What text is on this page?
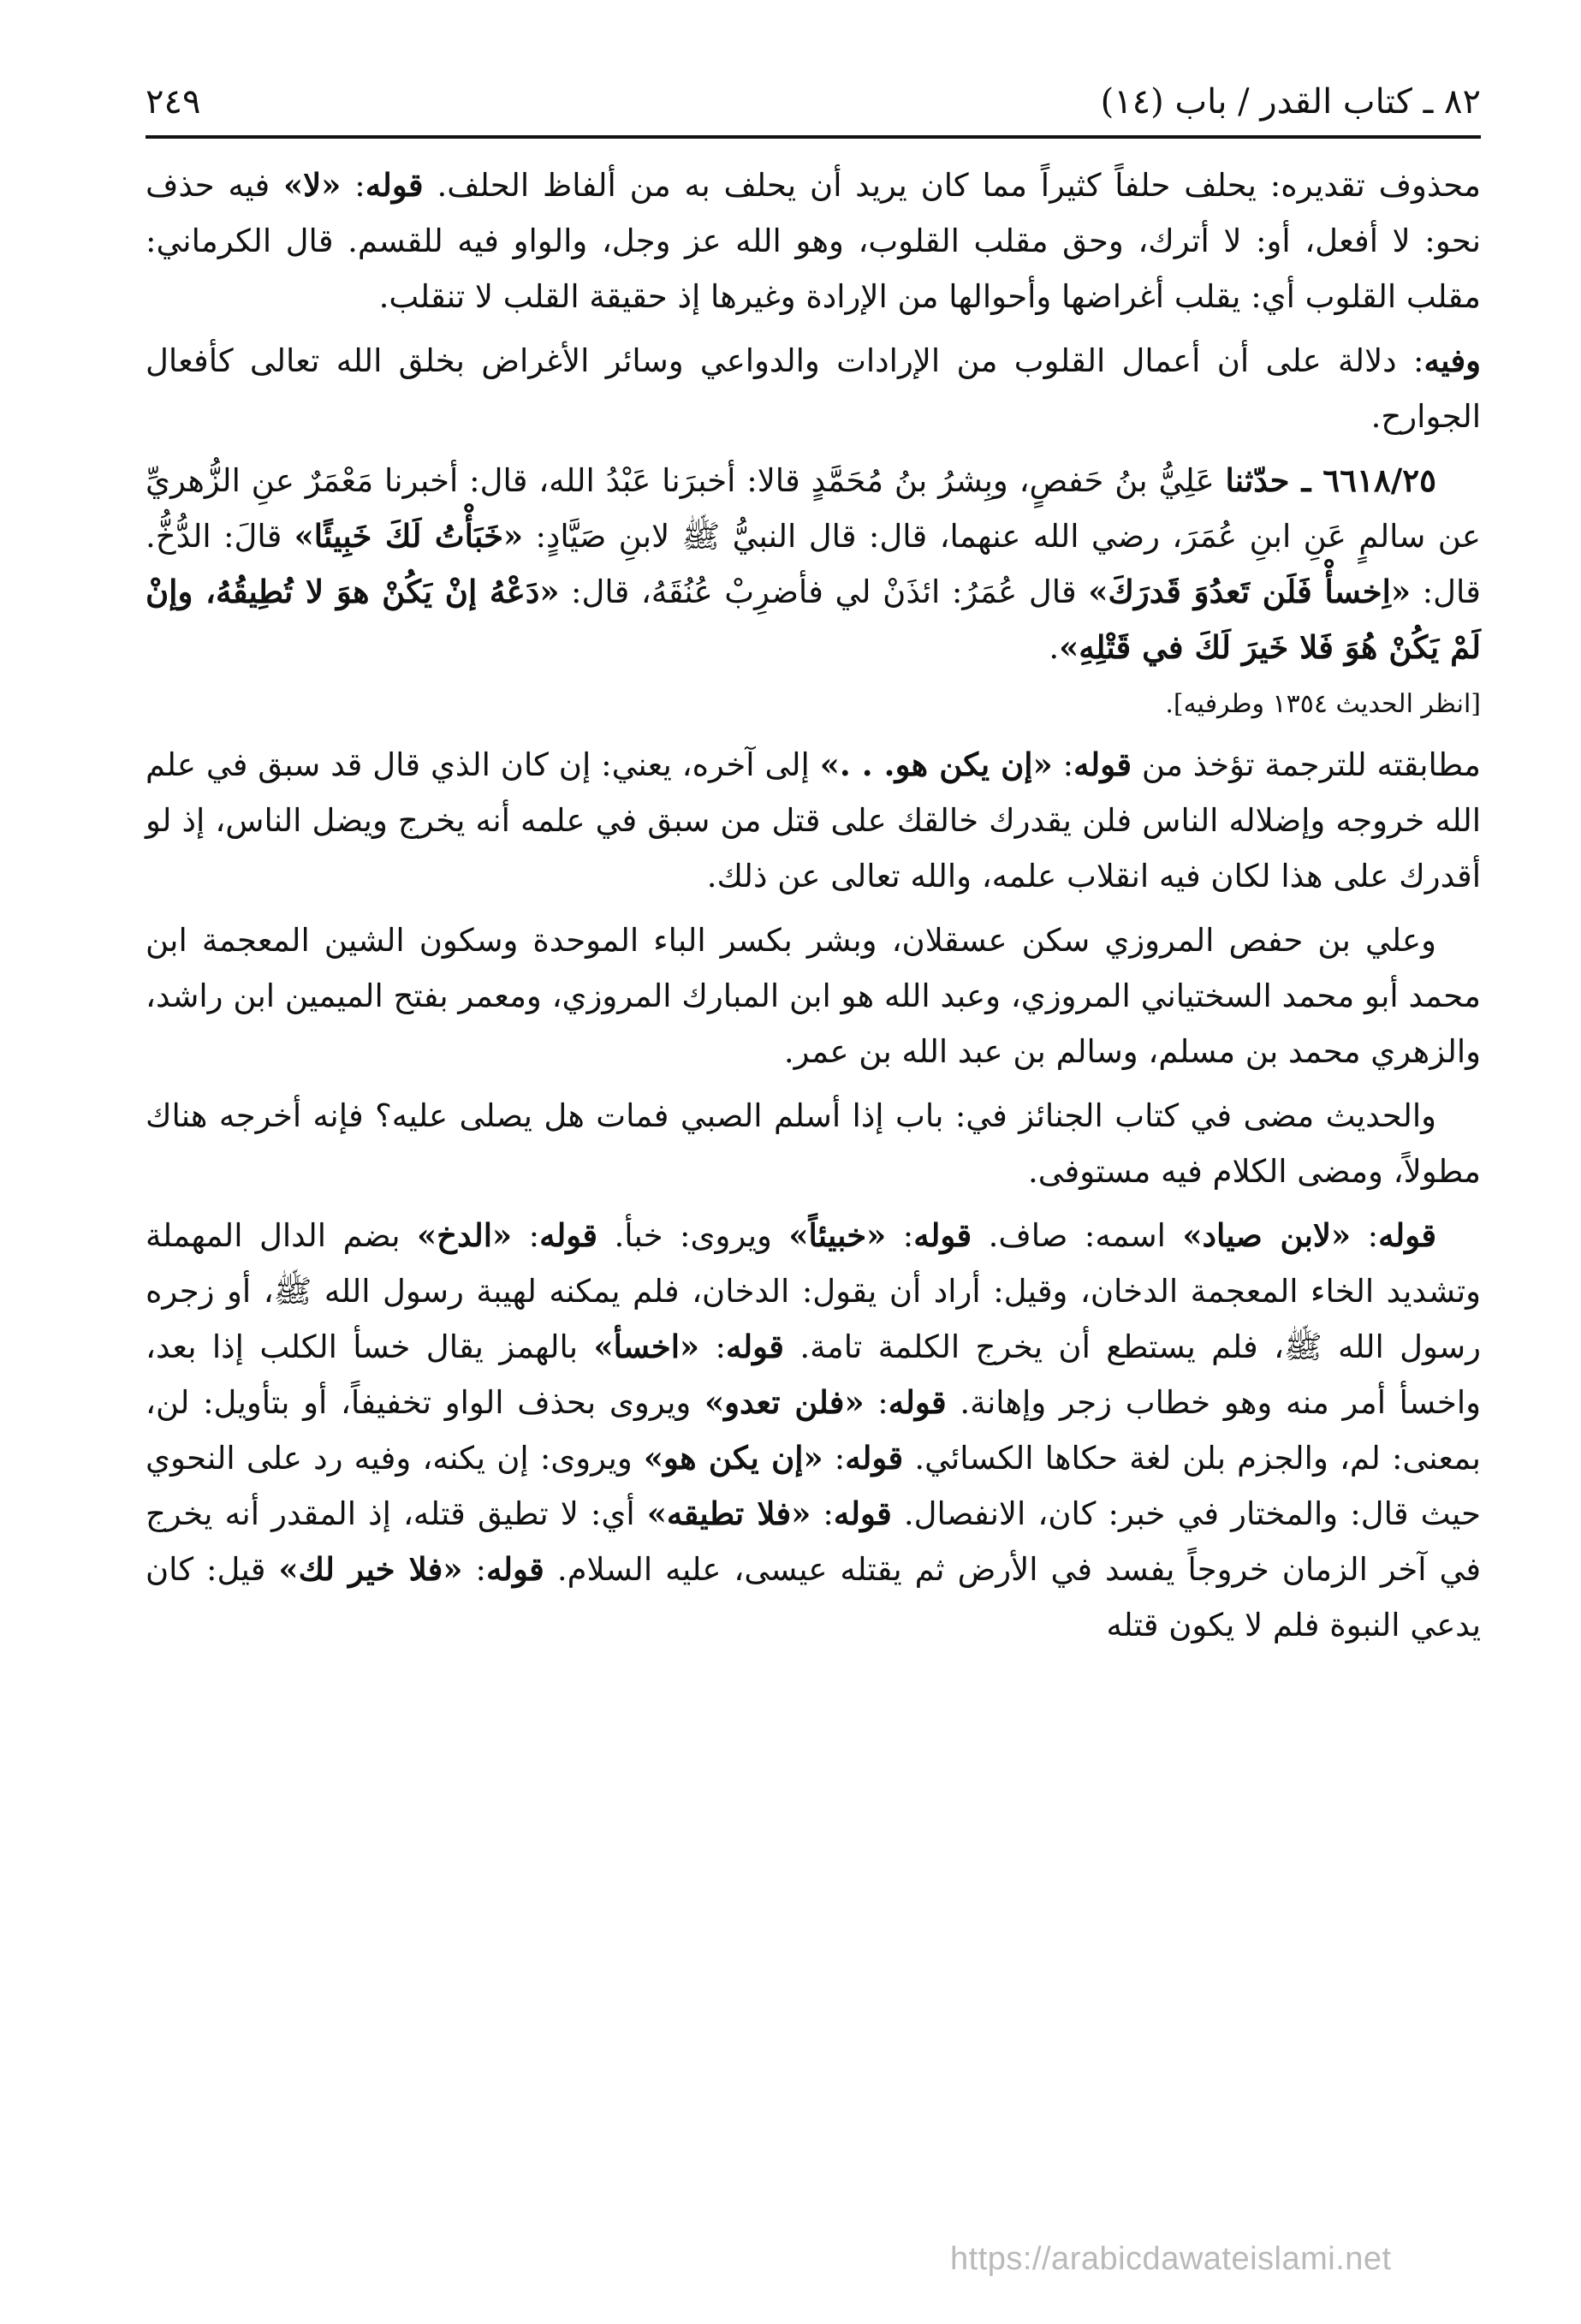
٨٢ ـ كتاب القدر / باب (١٤)
٢٤٩

محذوف تقديره: يحلف حلفاً كثيراً مما كان يريد أن يحلف به من ألفاظ الحلف. قوله: «لا» فيه حذف نحو: لا أفعل، أو: لا أترك، وحق مقلب القلوب، وهو الله عز وجل، والواو فيه للقسم. قال الكرماني: مقلب القلوب أي: يقلب أغراضها وأحوالها من الإرادة وغيرها إذ حقيقة القلب لا تنقلب.

وفيه: دلالة على أن أعمال القلوب من الإرادات والدواعي وسائر الأغراض بخلق الله تعالى كأفعال الجوارح.

٦٦١٨/٢٥ ـ حدّثنا عَلِيُّ بنُ حَفصٍ، وبِشرُ بنُ مُحَمَّدٍ قالا: أخبرَنا عَبْدُ الله، قال: أخبرنا مَعْمَرٌ عنِ الزُّهريِّ عن سالمٍ عَنِ ابنِ عُمَرَ، رضي الله عنهما، قال: قال النبيُّ ﷺ لابنِ صَيَّادٍ: «خَبَأْتُ لَكَ خَبِيئًا» قالَ: الدُّخُّ. قال: «اِخسأْ فَلَن تَعدُوَ قَدرَكَ» قال عُمَرُ: ائذَنْ لي فأضرِبْ عُنُقَهُ، قال: «دَعْهُ إنْ يَكُنْ هوَ لا تُطِيقُهُ، وإنْ لَمْ يَكُنْ هُوَ فَلا خَيرَ لَكَ في قَتْلِهِ».

[انظر الحديث ١٣٥٤ وطرفيه].

مطابقته للترجمة تؤخذ من قوله: «إن يكن هو. . .» إلى آخره، يعني: إن كان الذي قال قد سبق في علم الله خروجه وإضلاله الناس فلن يقدرك خالقك على قتل من سبق في علمه أنه يخرج ويضل الناس، إذ لو أقدرك على هذا لكان فيه انقلاب علمه، والله تعالى عن ذلك.

وعلي بن حفص المروزي سكن عسقلان، وبشر بكسر الباء الموحدة وسكون الشين المعجمة ابن محمد أبو محمد السختياني المروزي، وعبد الله هو ابن المبارك المروزي، ومعمر بفتح الميمين ابن راشد، والزهري محمد بن مسلم، وسالم بن عبد الله بن عمر.

والحديث مضى في كتاب الجنائز في: باب إذا أسلم الصبي فمات هل يصلى عليه؟ فإنه أخرجه هناك مطولاً، ومضى الكلام فيه مستوفى.

قوله: «لابن صياد» اسمه: صاف. قوله: «خبيئاً» ويروى: خبأ. قوله: «الدخ» بضم الدال المهملة وتشديد الخاء المعجمة الدخان، وقيل: أراد أن يقول: الدخان، فلم يمكنه لهيبة رسول الله ﷺ، أو زجره رسول الله ﷺ، فلم يستطع أن يخرج الكلمة تامة. قوله: «اخسأ» بالهمز يقال خسأ الكلب إذا بعد، واخسأ أمر منه وهو خطاب زجر وإهانة. قوله: «فلن تعدو» ويروى بحذف الواو تخفيفاً، أو بتأويل: لن، بمعنى: لم، والجزم بلن لغة حكاها الكسائي. قوله: «إن يكن هو» ويروى: إن يكنه، وفيه رد على النحوي حيث قال: والمختار في خبر: كان، الانفصال. قوله: «فلا تطيقه» أي: لا تطيق قتله، إذ المقدر أنه يخرج في آخر الزمان خروجاً يفسد في الأرض ثم يقتله عيسى، عليه السلام. قوله: «فلا خير لك» قيل: كان يدعي النبوة فلم لا يكون قتله

https://arabicdawateislami.net
